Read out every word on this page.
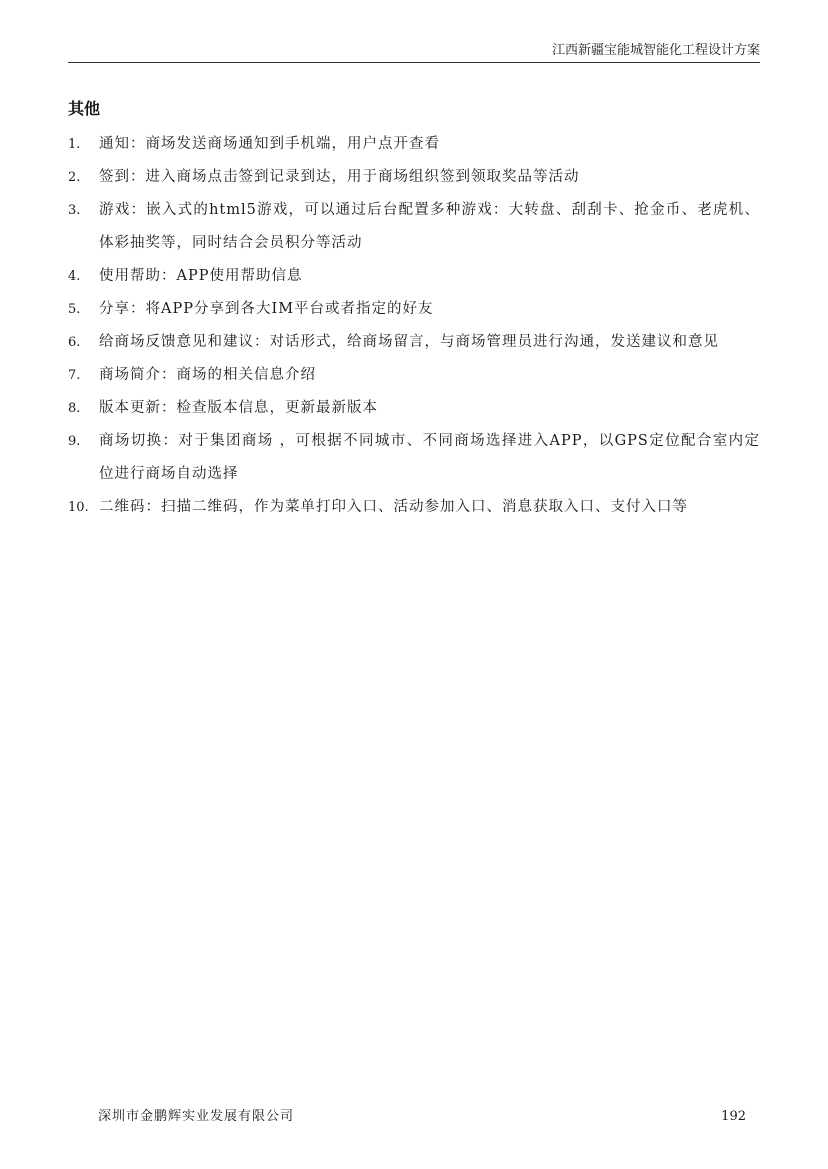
江西新疆宝能城智能化工程设计方案
其他
1. 通知：商场发送商场通知到手机端，用户点开查看
2. 签到：进入商场点击签到记录到达，用于商场组织签到领取奖品等活动
3. 游戏：嵌入式的html5游戏，可以通过后台配置多种游戏：大转盘、刮刮卡、抢金币、老虎机、体彩抽奖等，同时结合会员积分等活动
4. 使用帮助：APP使用帮助信息
5. 分享：将APP分享到各大IM平台或者指定的好友
6. 给商场反馈意见和建议：对话形式，给商场留言，与商场管理员进行沟通，发送建议和意见
7. 商场简介：商场的相关信息介绍
8. 版本更新：检查版本信息，更新最新版本
9. 商场切换：对于集团商场 ，可根据不同城市、不同商场选择进入APP，以GPS定位配合室内定位进行商场自动选择
10. 二维码：扫描二维码，作为菜单打印入口、活动参加入口、消息获取入口、支付入口等
深圳市金鹏辉实业发展有限公司	192
